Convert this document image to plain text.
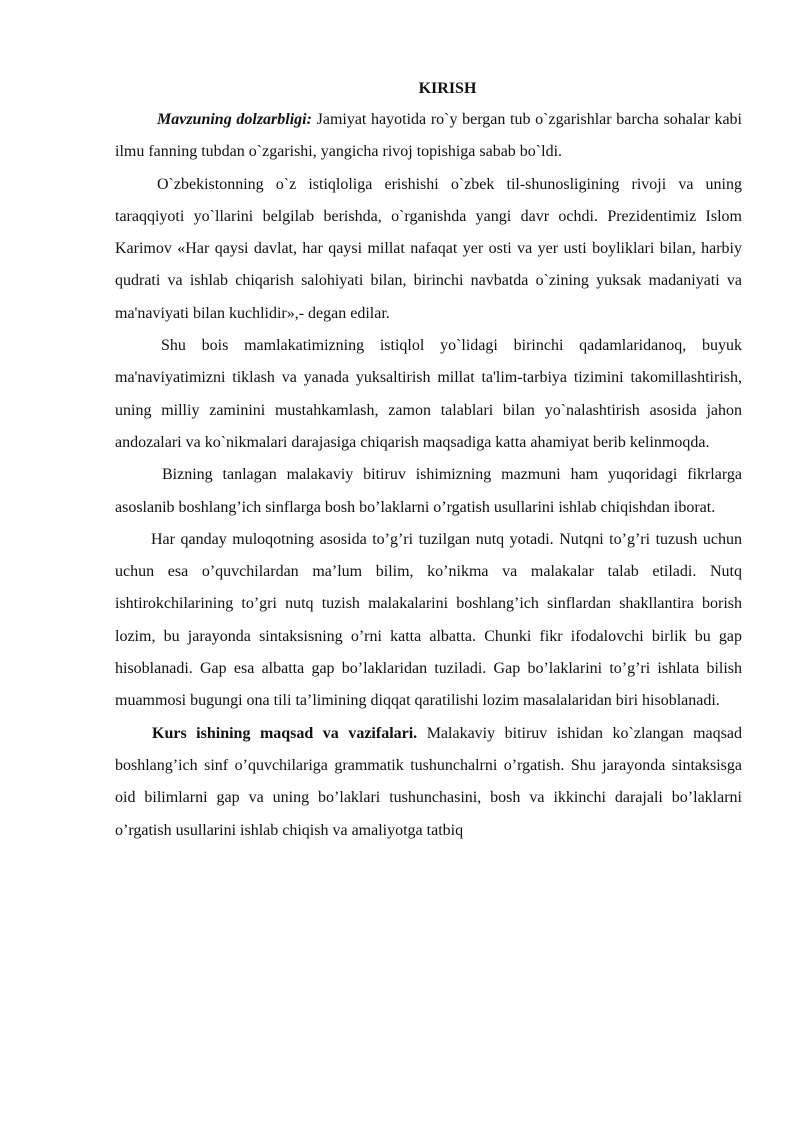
KIRISH

Mavzuning dolzarbligi: Jamiyat hayotida ro`y bergan tub o`zgarishlar barcha sohalar kabi ilmu fanning tubdan o`zgarishi, yangicha rivoj topishiga sabab bo`ldi.

O`zbekistonning o`z istiqloliga erishishi o`zbek til-shunosligining rivoji va uning taraqqiyoti yo`llarini belgilab berishda, o`rganishda yangi davr ochdi. Prezidentimiz Islom Karimov «Har qaysi davlat, har qaysi millat nafaqat yer osti va yer usti boyliklari bilan, harbiy qudrati va ishlab chiqarish salohiyati bilan, birinchi navbatda o`zining yuksak madaniyati va ma'naviyati bilan kuchlidir»,- degan edilar.

Shu bois mamlakatimizning istiqlol yo`lidagi birinchi qadamlaridanoq, buyuk ma'naviyatimizni tiklash va yanada yuksaltirish millat ta'lim-tarbiya tizimini takomillashtirish, uning milliy zaminini mustahkamlash, zamon talablari bilan yo`nalashtirish asosida jahon andozalari va ko`nikmalari darajasiga chiqarish maqsadiga katta ahamiyat berib kelinmoqda.

Bizning tanlagan malakaviy bitiruv ishimizning mazmuni ham yuqoridagi fikrlarga asoslanib boshlang’ich sinflarga bosh bo’laklarni o’rgatish usullarini ishlab chiqishdan iborat.

Har qanday muloqotning asosida to’g’ri tuzilgan nutq yotadi. Nutqni to’g’ri tuzush uchun uchun esa o’quvchilardan ma’lum bilim, ko’nikma va malakalar talab etiladi. Nutq ishtirokchilarining to’gri nutq tuzish malakalarini boshlang’ich sinflardan shakllantira borish lozim, bu jarayonda sintaksisning o’rni katta albatta. Chunki fikr ifodalovchi birlik bu gap hisoblanadi. Gap esa albatta gap bo’laklaridan tuziladi. Gap bo’laklarini to’g’ri ishlata bilish muammosi bugungi ona tili ta’limining diqqat qaratilishi lozim masalalaridan biri hisoblanadi.

Kurs ishining maqsad va vazifalari. Malakaviy bitiruv ishidan ko`zlangan maqsad boshlang’ich sinf o’quvchilariga grammatik tushunchalrni o’rgatish. Shu jarayonda sintaksisga oid bilimlarni gap va uning bo’laklari tushunchasini, bosh va ikkinchi darajali bo’laklarni o’rgatish usullarini ishlab chiqish va amaliyotga tatbiq
